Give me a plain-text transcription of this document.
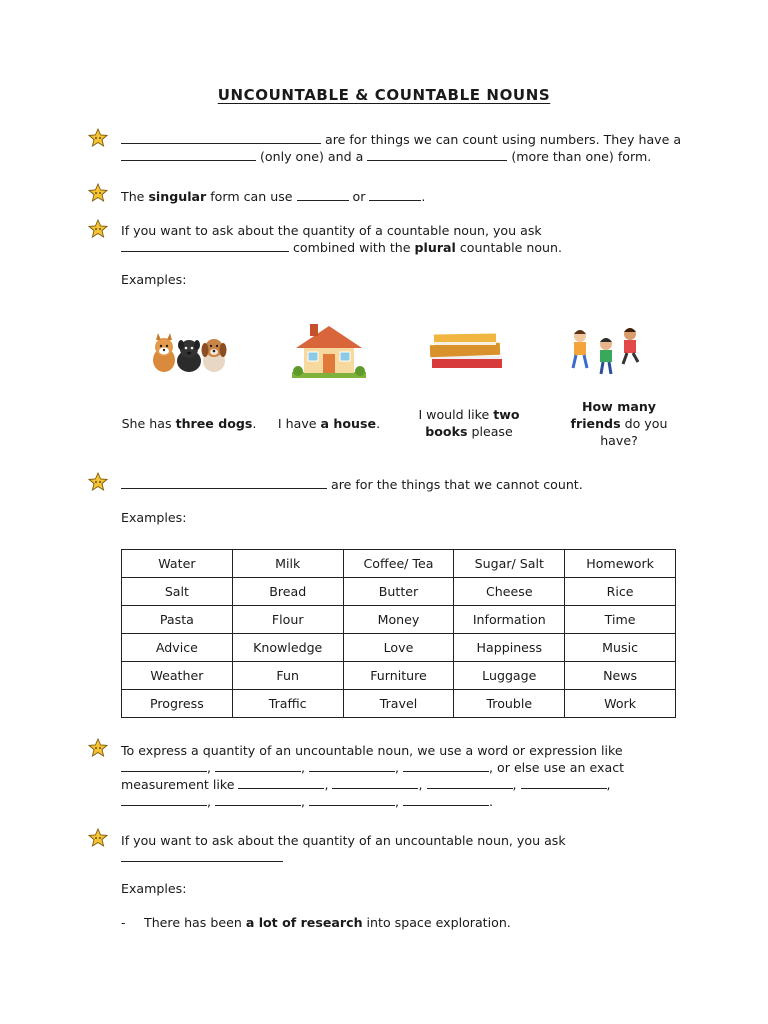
UNCOUNTABLE & COUNTABLE NOUNS
are for things we can count using numbers. They have a
(only one) and a	(more than one) form.
The singular form can use	or	.
If you want to ask about the quantity of a countable noun, you ask
combined with the plural countable noun.
Examples:
She has three dogs.	I have a house.
I would like two
books please
How many
friends do you
have?
are for the things that we cannot count.
Examples:
Water	Milk	Coffee/ Tea	Sugar/ Salt	Homework
Salt	Bread	Butter	Cheese	Rice
Pasta	Flour	Money	Information	Time
Advice	Knowledge	Love	Happiness	Music
Weather	Fun	Furniture	Luggage	News
Progress	Traffic	Travel	Trouble	Work
To express a quantity of an uncountable noun, we use a word or expression like
,	,	,	, or else use an exact
measurement like	,	,	,	,
,	,	,	.
If you want to ask about the quantity of an uncountable noun, you ask

Examples:
- There has been a lot of research into space exploration.
